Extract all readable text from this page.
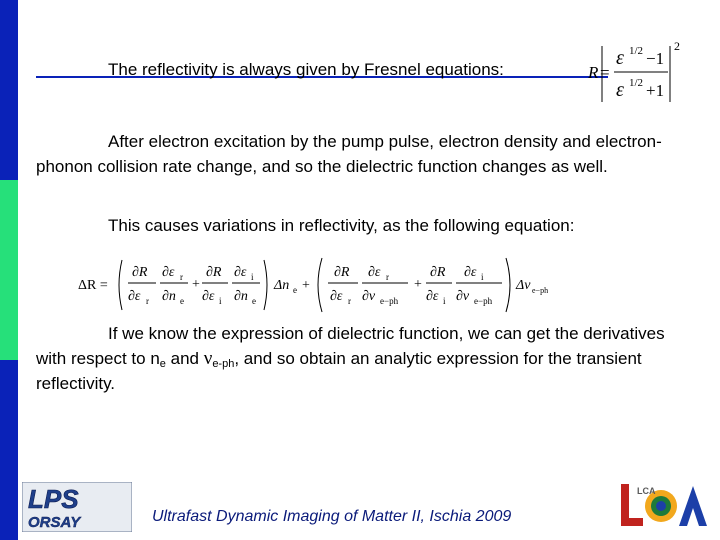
The reflectivity is always given by Fresnel equations:	R =
ε 1/2 −1
ε 1/2 +1
2

After electron excitation by the pump pulse, electron density and electron-phonon collision rate change, and so the dielectric function changes as well.

This causes variations in reflectivity, as the following equation:

ΔR =
∂R
∂ε r
∂ε r
∂n e
+
∂R
∂ε i
∂ε i
∂n e
Δn e +
∂R
∂ε r
∂ε r
∂ν e−ph
+
∂R
∂ε i
∂ε i
∂ν e−ph
Δν e−ph

If we know the expression of dielectric function, we can get the derivatives with respect to $n_e$ and $\nu_{e-ph}$, and so obtain an analytic expression for the transient reflectivity.

LPS
ORSAY	Ultrafast Dynamic Imaging of Matter II, Ischia 2009
LCA
